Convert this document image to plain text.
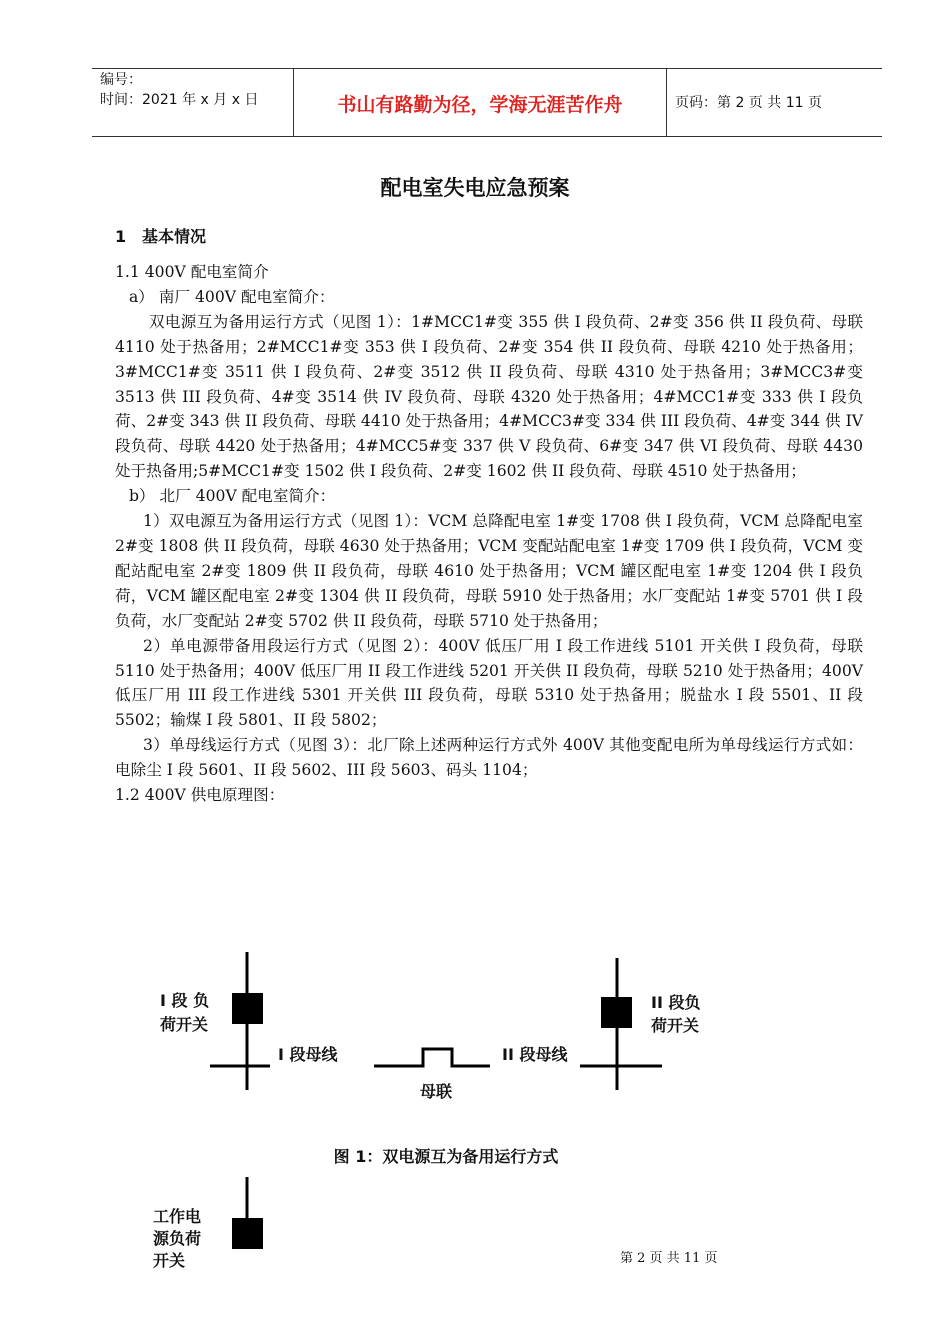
编号：
时间：2021 年 x 月 x 日	书山有路勤为径，学海无涯苦作舟	页码：第 2 页 共 11 页
配电室失电应急预案
1 基本情况

1.1 400V 配电室简介

a） 南厂 400V 配电室简介：

双电源互为备用运行方式（见图 1）：1#MCC1#变 355 供 I 段负荷、2#变 356 供 II 段负荷、母联 4110 处于热备用；2#MCC1#变 353 供 I 段负荷、2#变 354 供 II 段负荷、母联 4210 处于热备用；3#MCC1#变 3511 供 I 段负荷、2#变 3512 供 II 段负荷、母联 4310 处于热备用；3#MCC3#变 3513 供 III 段负荷、4#变 3514 供 IV 段负荷、母联 4320 处于热备用；4#MCC1#变 333 供 I 段负荷、2#变 343 供 II 段负荷、母联 4410 处于热备用；4#MCC3#变 334 供 III 段负荷、4#变 344 供 IV 段负荷、母联 4420 处于热备用；4#MCC5#变 337 供 V 段负荷、6#变 347 供 VI 段负荷、母联 4430 处于热备用;5#MCC1#变 1502 供 I 段负荷、2#变 1602 供 II 段负荷、母联 4510 处于热备用；

b） 北厂 400V 配电室简介：

1）双电源互为备用运行方式（见图 1）：VCM 总降配电室 1#变 1708 供 I 段负荷，VCM 总降配电室 2#变 1808 供 II 段负荷，母联 4630 处于热备用；VCM 变配站配电室 1#变 1709 供 I 段负荷，VCM 变配站配电室 2#变 1809 供 II 段负荷，母联 4610 处于热备用；VCM 罐区配电室 1#变 1204 供 I 段负荷，VCM 罐区配电室 2#变 1304 供 II 段负荷，母联 5910 处于热备用；水厂变配站 1#变 5701 供 I 段负荷，水厂变配站 2#变 5702 供 II 段负荷，母联 5710 处于热备用；

2）单电源带备用段运行方式（见图 2）：400V 低压厂用 I 段工作进线 5101 开关供 I 段负荷，母联 5110 处于热备用；400V 低压厂用 II 段工作进线 5201 开关供 II 段负荷，母联 5210 处于热备用；400V 低压厂用 III 段工作进线 5301 开关供 III 段负荷，母联 5310 处于热备用；脱盐水 I 段 5501、II 段 5502；输煤 I 段 5801、II 段 5802；

3）单母线运行方式（见图 3）：北厂除上述两种运行方式外 400V 其他变配电所为单母线运行方式如：电除尘 I 段 5601、II 段 5602、III 段 5603、码头 1104；

1.2 400V 供电原理图：

I 段 负
荷开关
I 段母线
母联
II 段负
荷开关
II 段母线
工作电
源负荷
开关
图 1：双电源互为备用运行方式
第 2 页 共 11 页
